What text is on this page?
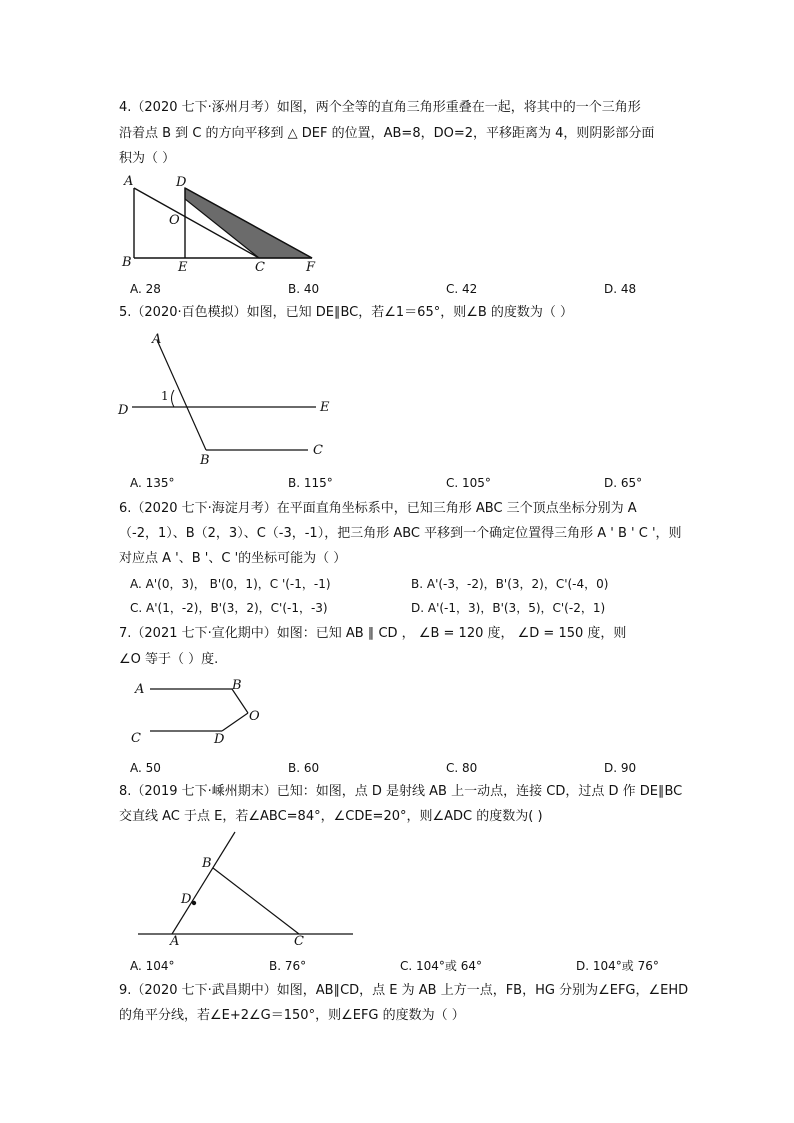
4.（2020 七下·涿州月考）如图，两个全等的直角三角形重叠在一起，将其中的一个三角形
沿着点 B 到 C 的方向平移到 △ DEF 的位置，AB=8，DO=2，平移距离为 4，则阴影部分面
积为（ ）
A	D
O
B	E	C	F
A. 28	B. 40	C. 42	D. 48
5.（2020·百色模拟）如图，已知 DE∥BC，若∠1＝65°，则∠B 的度数为（ ）
A
1
D	E
B
C
A. 135°	B. 115°	C. 105°	D. 65°
6.（2020 七下·海淀月考）在平面直角坐标系中，已知三角形 ABC 三个顶点坐标分别为 A
（-2，1）、B（2，3）、C（-3，-1），把三角形 ABC 平移到一个确定位置得三角形 A ' B ' C '，则
对应点 A '、B '、C '的坐标可能为（ ）
A. A'(0，3)， B'(0，1)，C '(-1，-1)	B. A'(-3，-2)，B'(3，2)，C'(-4，0)
C. A'(1，-2)，B'(3，2)，C'(-1，-3)	D. A'(-1，3)，B'(3，5)，C'(-2，1)
7.（2021 七下·宣化期中）如图：已知 AB ∥ CD ， ∠B = 120 度， ∠D = 150 度，则
∠O 等于（ ）度.
A	B
O
C	D
A. 50	B. 60	C. 80	D. 90
8.（2019 七下·嵊州期末）已知：如图，点 D 是射线 AB 上一动点，连接 CD，过点 D 作 DE∥BC
交直线 AC 于点 E，若∠ABC=84°，∠CDE=20°，则∠ADC 的度数为( )
B
D
A	C
A. 104°	B. 76°	C. 104°或 64°	D. 104°或 76°
9.（2020 七下·武昌期中）如图，AB∥CD，点 E 为 AB 上方一点，FB，HG 分别为∠EFG，∠EHD
的角平分线，若∠E+2∠G＝150°，则∠EFG 的度数为（ ）
